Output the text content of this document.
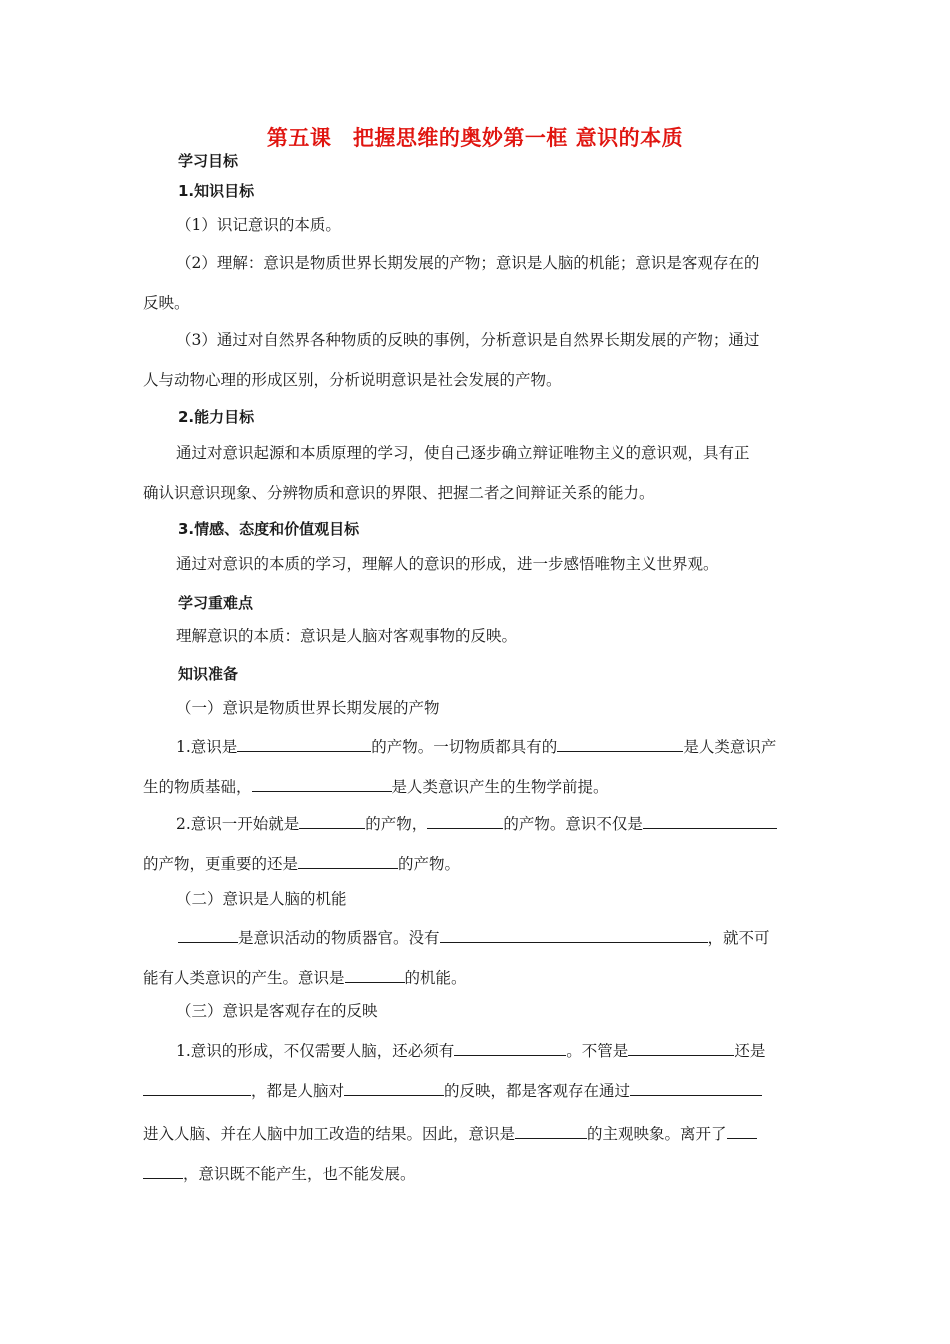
第五课　把握思维的奥妙第一框 意识的本质
学习目标
1.知识目标
（1）识记意识的本质。
（2）理解：意识是物质世界长期发展的产物；意识是人脑的机能；意识是客观存在的
反映。
（3）通过对自然界各种物质的反映的事例，分析意识是自然界长期发展的产物；通过
人与动物心理的形成区别，分析说明意识是社会发展的产物。
2.能力目标
通过对意识起源和本质原理的学习，使自己逐步确立辩证唯物主义的意识观，具有正
确认识意识现象、分辨物质和意识的界限、把握二者之间辩证关系的能力。
3.情感、态度和价值观目标
通过对意识的本质的学习，理解人的意识的形成，进一步感悟唯物主义世界观。
学习重难点
理解意识的本质：意识是人脑对客观事物的反映。
知识准备
（一）意识是物质世界长期发展的产物
1.意识是	的产物。一切物质都具有的	是人类意识产
生的物质基础，	是人类意识产生的生物学前提。
2.意识一开始就是	的产物，	的产物。意识不仅是
的产物，更重要的还是	的产物。
（二）意识是人脑的机能
是意识活动的物质器官。没有	，就不可
能有人类意识的产生。意识是	的机能。
（三）意识是客观存在的反映
1.意识的形成，不仅需要人脑，还必须有	。不管是	还是
，都是人脑对	的反映，都是客观存在通过
进入人脑、并在人脑中加工改造的结果。因此，意识是	的主观映象。离开了
，意识既不能产生，也不能发展。
